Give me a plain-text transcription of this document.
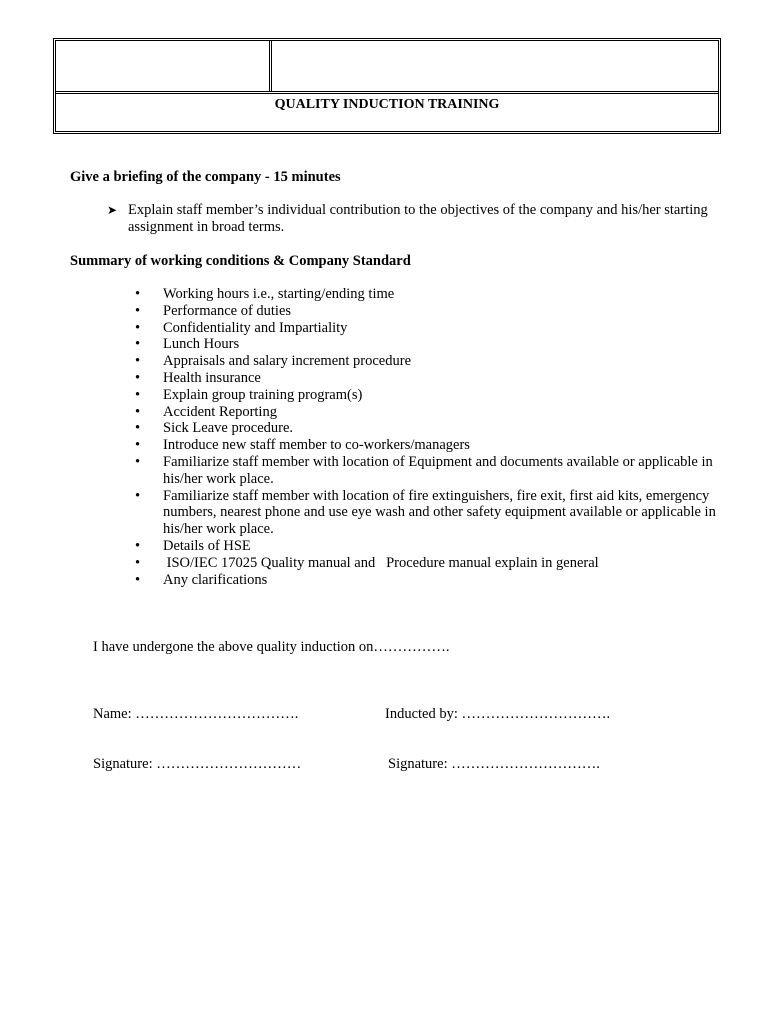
QUALITY INDUCTION TRAINING
Give a briefing of the company - 15 minutes
➤ Explain staff member’s individual contribution to the objectives of the company and his/her starting assignment in broad terms.
Summary of working conditions & Company Standard
• Working hours i.e., starting/ending time
• Performance of duties
• Confidentiality and Impartiality
• Lunch Hours
• Appraisals and salary increment procedure
• Health insurance
• Explain group training program(s)
• Accident Reporting
• Sick Leave procedure.
• Introduce new staff member to co-workers/managers
• Familiarize staff member with location of Equipment and documents available or applicable in his/her work place.
• Familiarize staff member with location of fire extinguishers, fire exit, first aid kits, emergency numbers, nearest phone and use eye wash and other safety equipment available or applicable in his/her work place.
• Details of HSE
• ISO/IEC 17025 Quality manual and   Procedure manual explain in general
• Any clarifications
I have undergone the above quality induction on…………….
Name: …………………………….	Inducted by: ………………………….
Signature: …………………………	Signature: ………………………….
